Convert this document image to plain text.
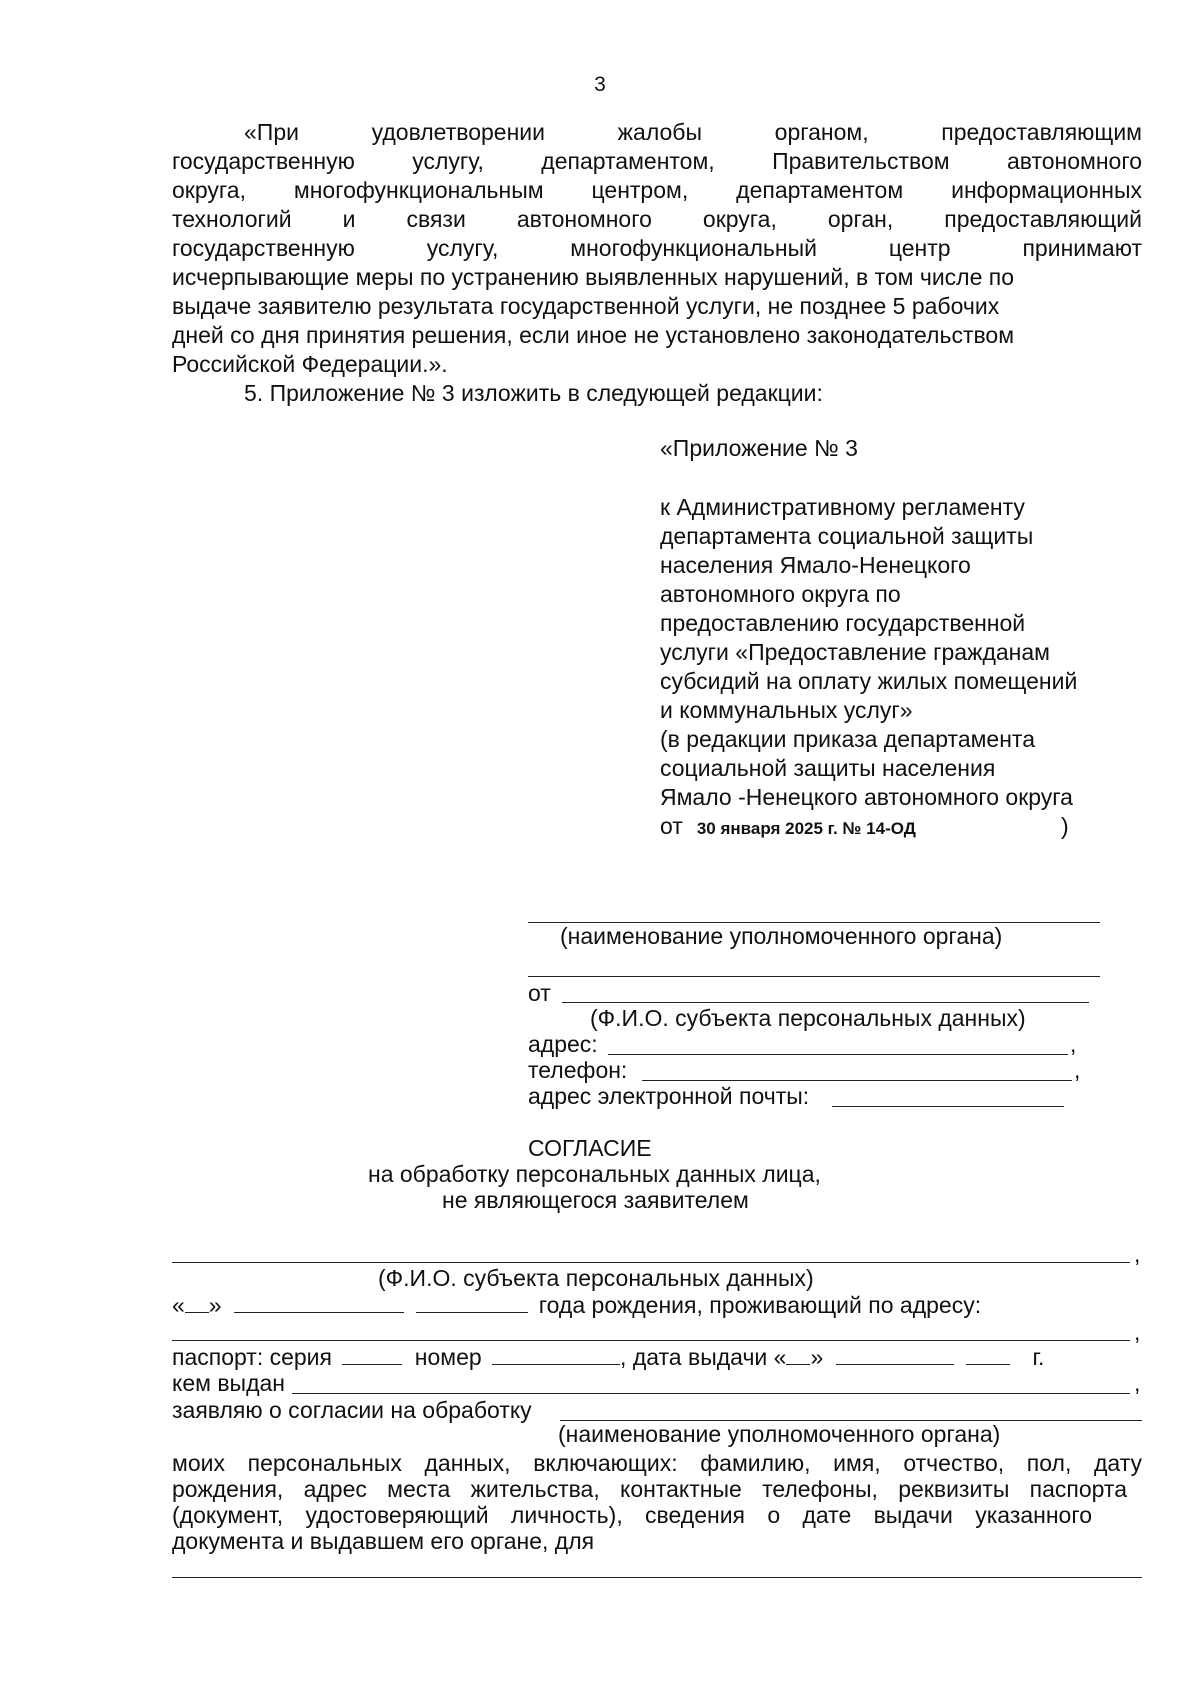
3
«При удовлетворении жалобы органом, предоставляющим
государственную услугу, департаментом, Правительством автономного
округа, многофункциональным центром, департаментом информационных
технологий и связи автономного округа, орган, предоставляющий
государственную услугу, многофункциональный центр принимают
исчерпывающие меры по устранению выявленных нарушений, в том числе по
выдаче заявителю результата государственной услуги, не позднее 5 рабочих
дней со дня принятия решения, если иное не установлено законодательством
Российской Федерации.».
5. Приложение № 3 изложить в следующей редакции:
«Приложение № 3
к Административному регламенту
департамента социальной защиты
населения Ямало-Ненецкого
автономного округа по
предоставлению государственной
услуги «Предоставление гражданам
субсидий на оплату жилых помещений
и коммунальных услуг»
(в редакции приказа департамента
социальной защиты населения
Ямало -Ненецкого автономного округа
от 30 января 2025 г. № 14-ОД	)
(наименование уполномоченного органа)
от
(Ф.И.О. субъекта персональных данных)
адрес:	,
телефон:	,
адрес электронной почты:
СОГЛАСИЕ
на обработку персональных данных лица,
не являющегося заявителем
,
(Ф.И.О. субъекта персональных данных)
« »	года рождения, проживающий по адресу:
,
паспорт: серия	номер	, дата выдачи « »	г.
кем выдан	,
заявляю о согласии на обработку
(наименование уполномоченного органа)
моих персональных данных, включающих: фамилию, имя, отчество, пол, дату
рождения, адрес места жительства, контактные телефоны, реквизиты паспорта
(документ, удостоверяющий личность), сведения о дате выдачи указанного
документа и выдавшем его органе, для
